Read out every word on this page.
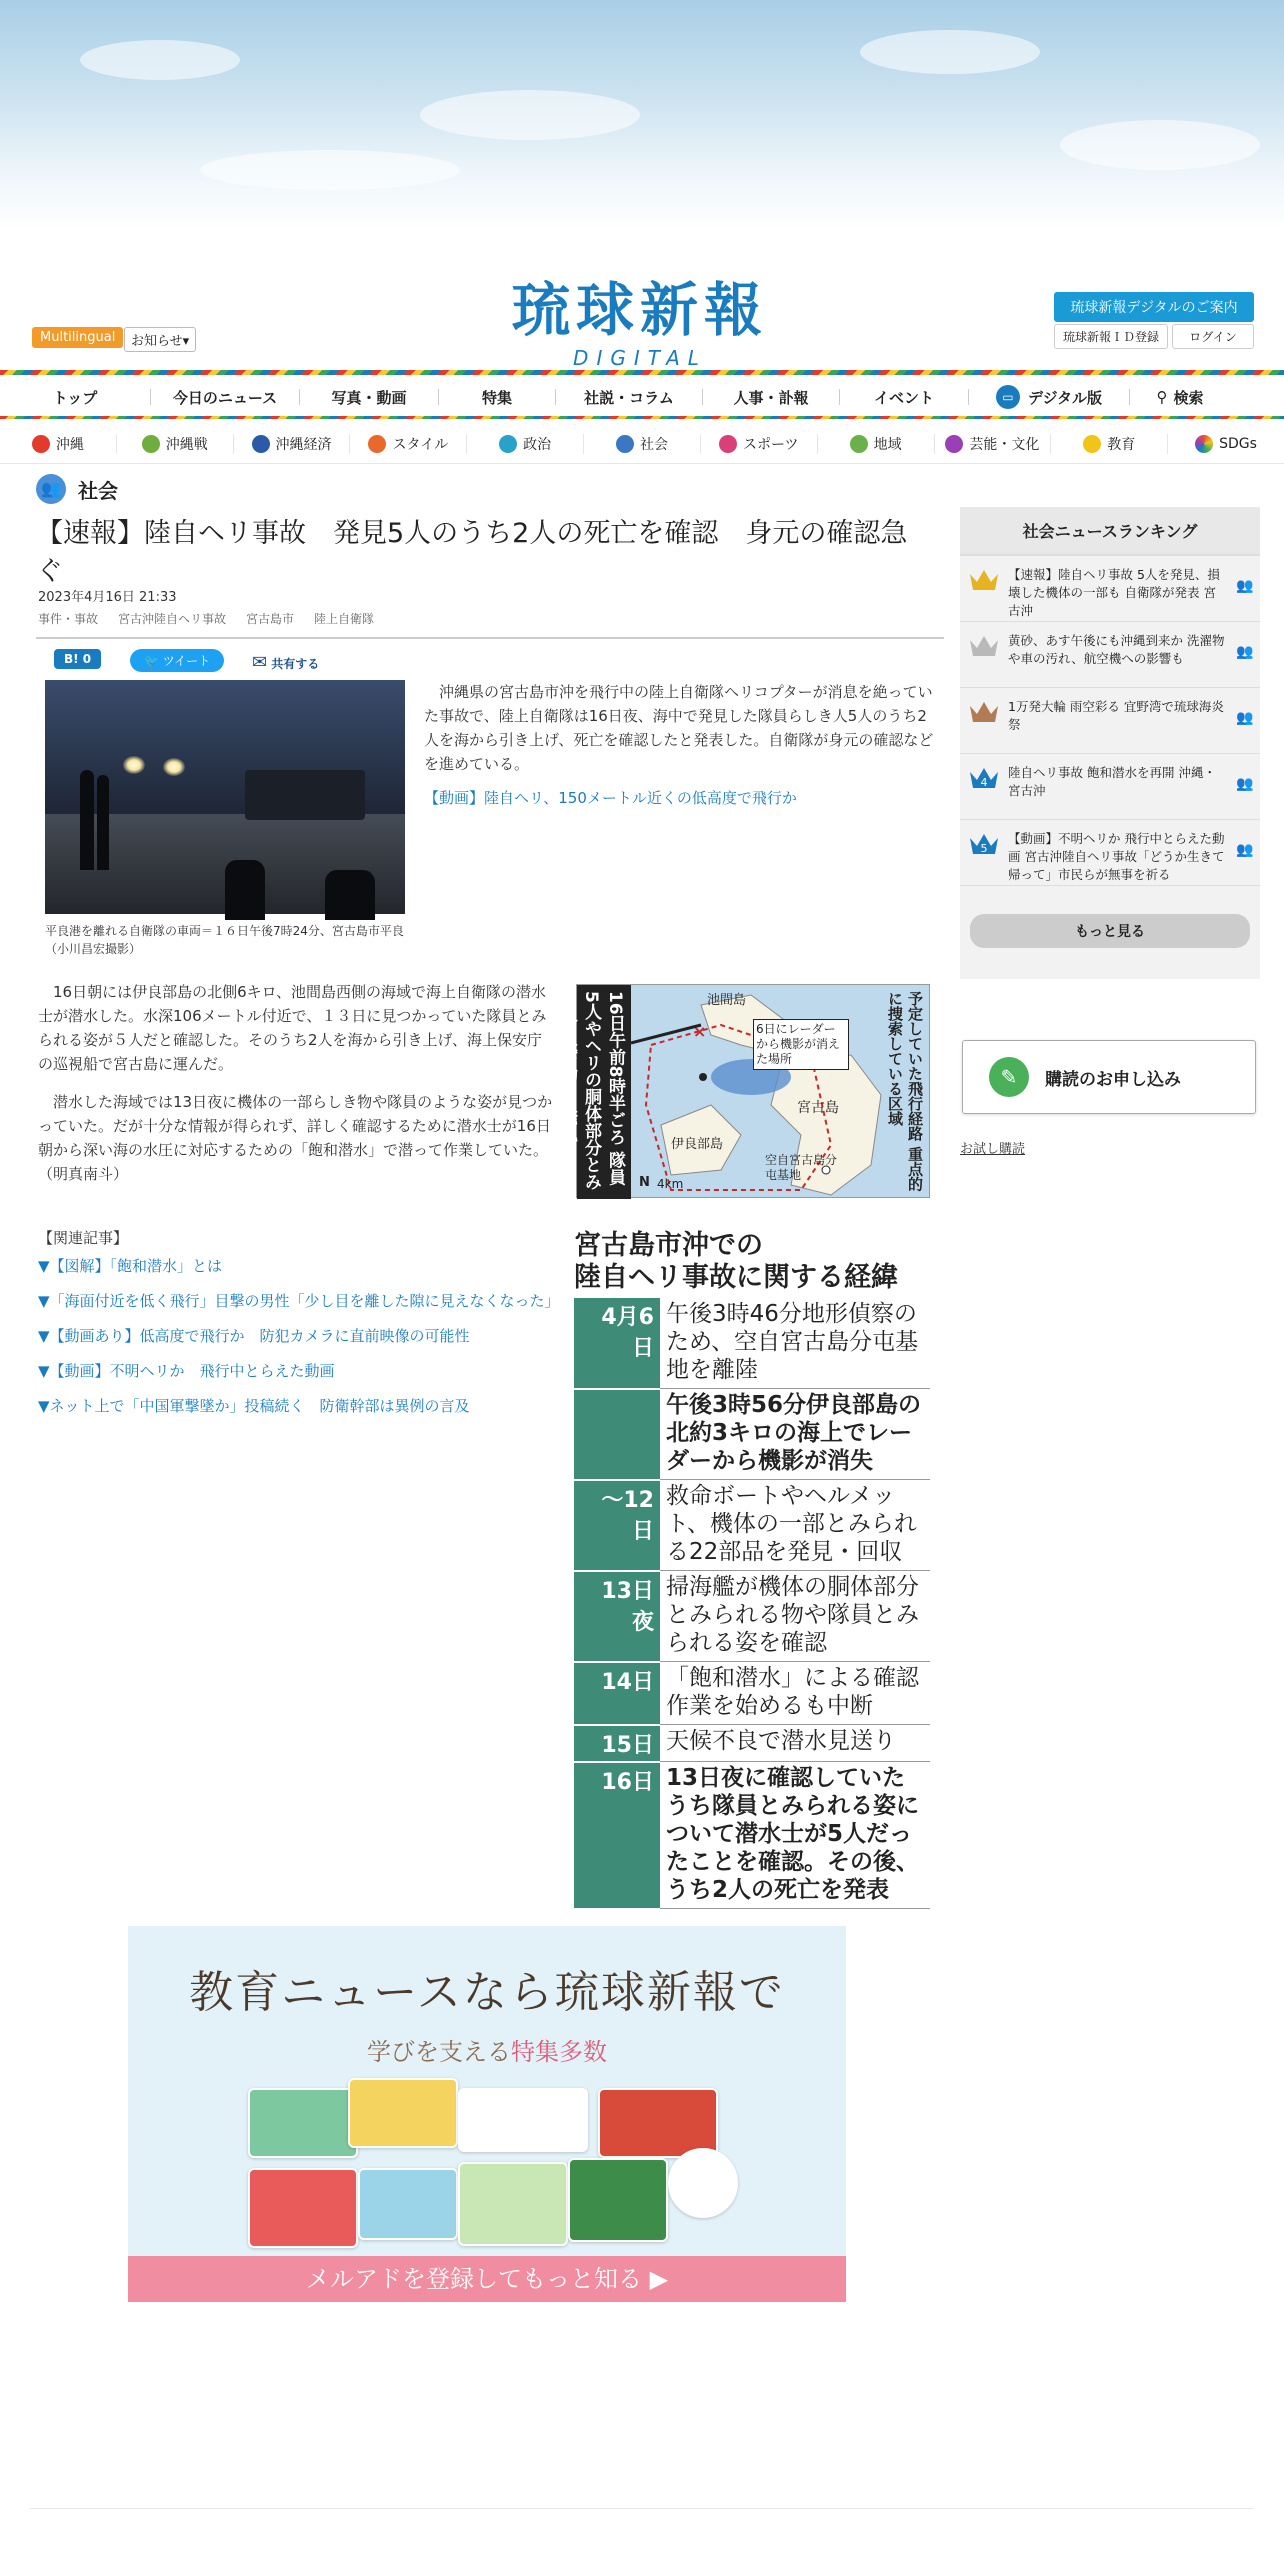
Multilingual	お知らせ▾	琉球新報
DIGITAL
琉球新報デジタルのご案内
琉球新報ＩＤ登録	ログイン
トップ	今日のニュース	写真・動画	特集	社説・コラム	人事・訃報	イベント	▭ デジタル版	⚲ 検索
沖縄	沖縄戦	沖縄経済	スタイル	政治	社会	スポーツ	地域	芸能・文化	教育	SDGs
👥 社会
【速報】陸自ヘリ事故　発見5人のうち2人の死亡を確認　身元の確認急ぐ
2023年4月16日 21:33
事件・事故 宮古沖陸自ヘリ事故 宮古島市 陸上自衛隊
B! 0	🐦 ツイート	✉ 共有する
平良港を離れる自衛隊の車両＝１６日午後7時24分、宮古島市平良（小川昌宏撮影）

沖縄県の宮古島市沖を飛行中の陸上自衛隊ヘリコプターが消息を絶っていた事故で、陸上自衛隊は16日夜、海中で発見した隊員らしき人5人のうち2人を海から引き上げ、死亡を確認したと発表した。自衛隊が身元の確認などを進めている。

【動画】陸自ヘリ、150メートル近くの低高度で飛行か

16日朝には伊良部島の北側6キロ、池間島西側の海域で海上自衛隊の潜水士が潜水した。水深106メートル付近で、１３日に見つかっていた隊員とみられる姿が５人だと確認した。そのうち2人を海から引き上げ、海上保安庁の巡視船で宮古島に運んだ。

潜水した海域では13日夜に機体の一部らしき物や隊員のような姿が見つかっていた。だが十分な情報が得られず、詳しく確認するために潜水士が16日朝から深い海の水圧に対応するための「飽和潜水」で潜って作業していた。（明真南斗）	16日午前8時半ごろ 隊員5人やヘリの胴体部分とみられる姿(物)を発見	×
池間島
6日にレーダーから機影が消えた場所
伊良部島
宮古島
空自宮古島分屯基地
N 4km	予定していた飛行経路 重点的に捜索している区域
【関連記事】
▼【図解】「飽和潜水」とは
▼「海面付近を低く飛行」目撃の男性「少し目を離した隙に見えなくなった」
▼【動画あり】低高度で飛行か　防犯カメラに直前映像の可能性
▼【動画】不明ヘリか　飛行中とらえた動画
▼ネット上で「中国軍撃墜か」投稿続く　防衛幹部は異例の言及
宮古島市沖での
陸自ヘリ事故に関する経緯
4月6日	午後3時46分地形偵察のため、空自宮古島分屯基地を離陸
	午後3時56分伊良部島の北約3キロの海上でレーダーから機影が消失
〜12日	救命ボートやヘルメット、機体の一部とみられる22部品を発見・回収
13日夜	掃海艦が機体の胴体部分とみられる物や隊員とみられる姿を確認
14日	「飽和潜水」による確認作業を始めるも中断
15日	天候不良で潜水見送り
16日	13日夜に確認していたうち隊員とみられる姿について潜水士が5人だったことを確認。その後、うち2人の死亡を発表
教育ニュースなら琉球新報で
学びを支える特集多数
メルアドを登録してもっと知る ▶
社会ニュースランキング
【速報】陸自ヘリ事故 5人を発見、損壊した機体の一部も 自衛隊が発表 宮古沖
👥
黄砂、あす午後にも沖縄到来か 洗濯物や車の汚れ、航空機への影響も	👥
1万発大輪 雨空彩る 宜野湾で琉球海炎祭	👥
4
陸自ヘリ事故 飽和潜水を再開 沖縄・宮古沖	👥
5
【動画】不明ヘリか 飛行中とらえた動画 宮古沖陸自ヘリ事故「どうか生きて帰って」市民らが無事を祈る
👥
もっと見る
✎	購読のお申し込み
お試し購読
